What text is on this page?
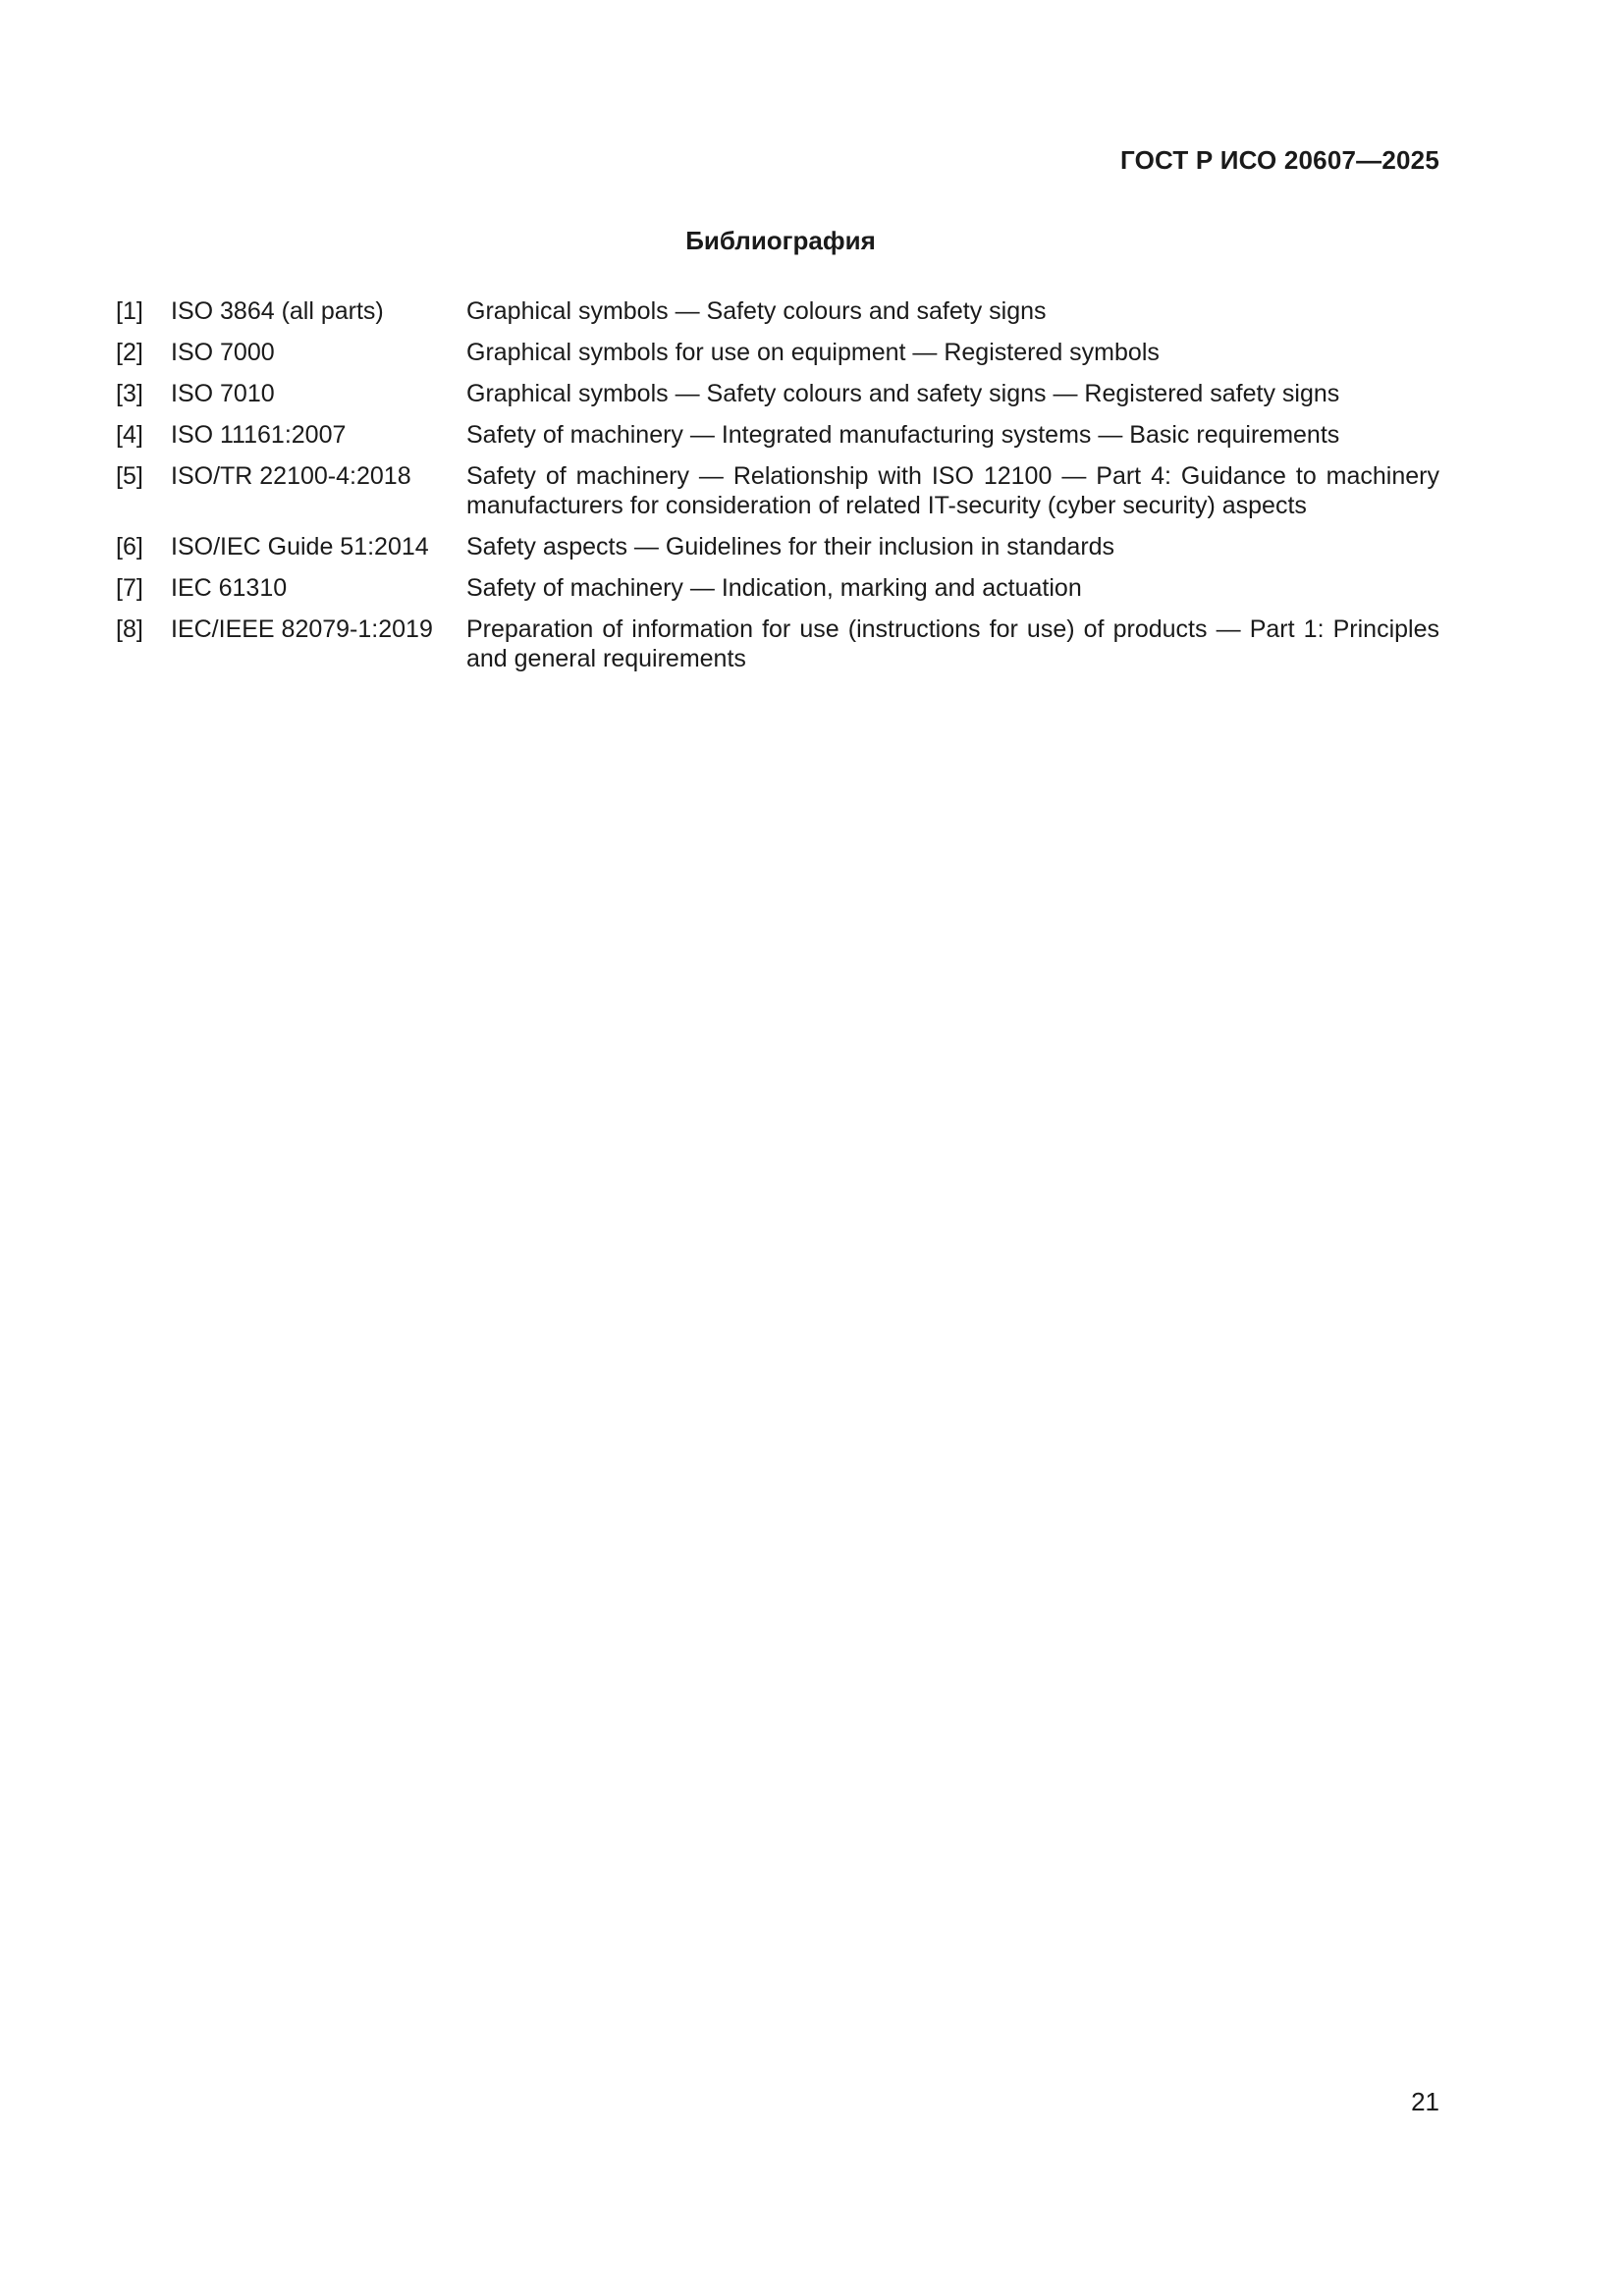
ГОСТ Р ИСО 20607—2025
Библиография
[1]	ISO 3864 (all parts)	Graphical symbols — Safety colours and safety signs
[2]	ISO 7000	Graphical symbols for use on equipment — Registered symbols
[3]	ISO 7010	Graphical symbols — Safety colours and safety signs — Registered safety signs
[4]	ISO 11161:2007	Safety of machinery — Integrated manufacturing systems — Basic requirements
[5]	ISO/TR 22100-4:2018	Safety of machinery — Relationship with ISO 12100 — Part 4: Guidance to machinery manufacturers for consideration of related IT-security (cyber security) aspects
[6]	ISO/IEC Guide 51:2014	Safety aspects — Guidelines for their inclusion in standards
[7]	IEC 61310	Safety of machinery — Indication, marking and actuation
[8]	IEC/IEEE 82079-1:2019	Preparation of information for use (instructions for use) of products — Part 1: Principles and general requirements
21
